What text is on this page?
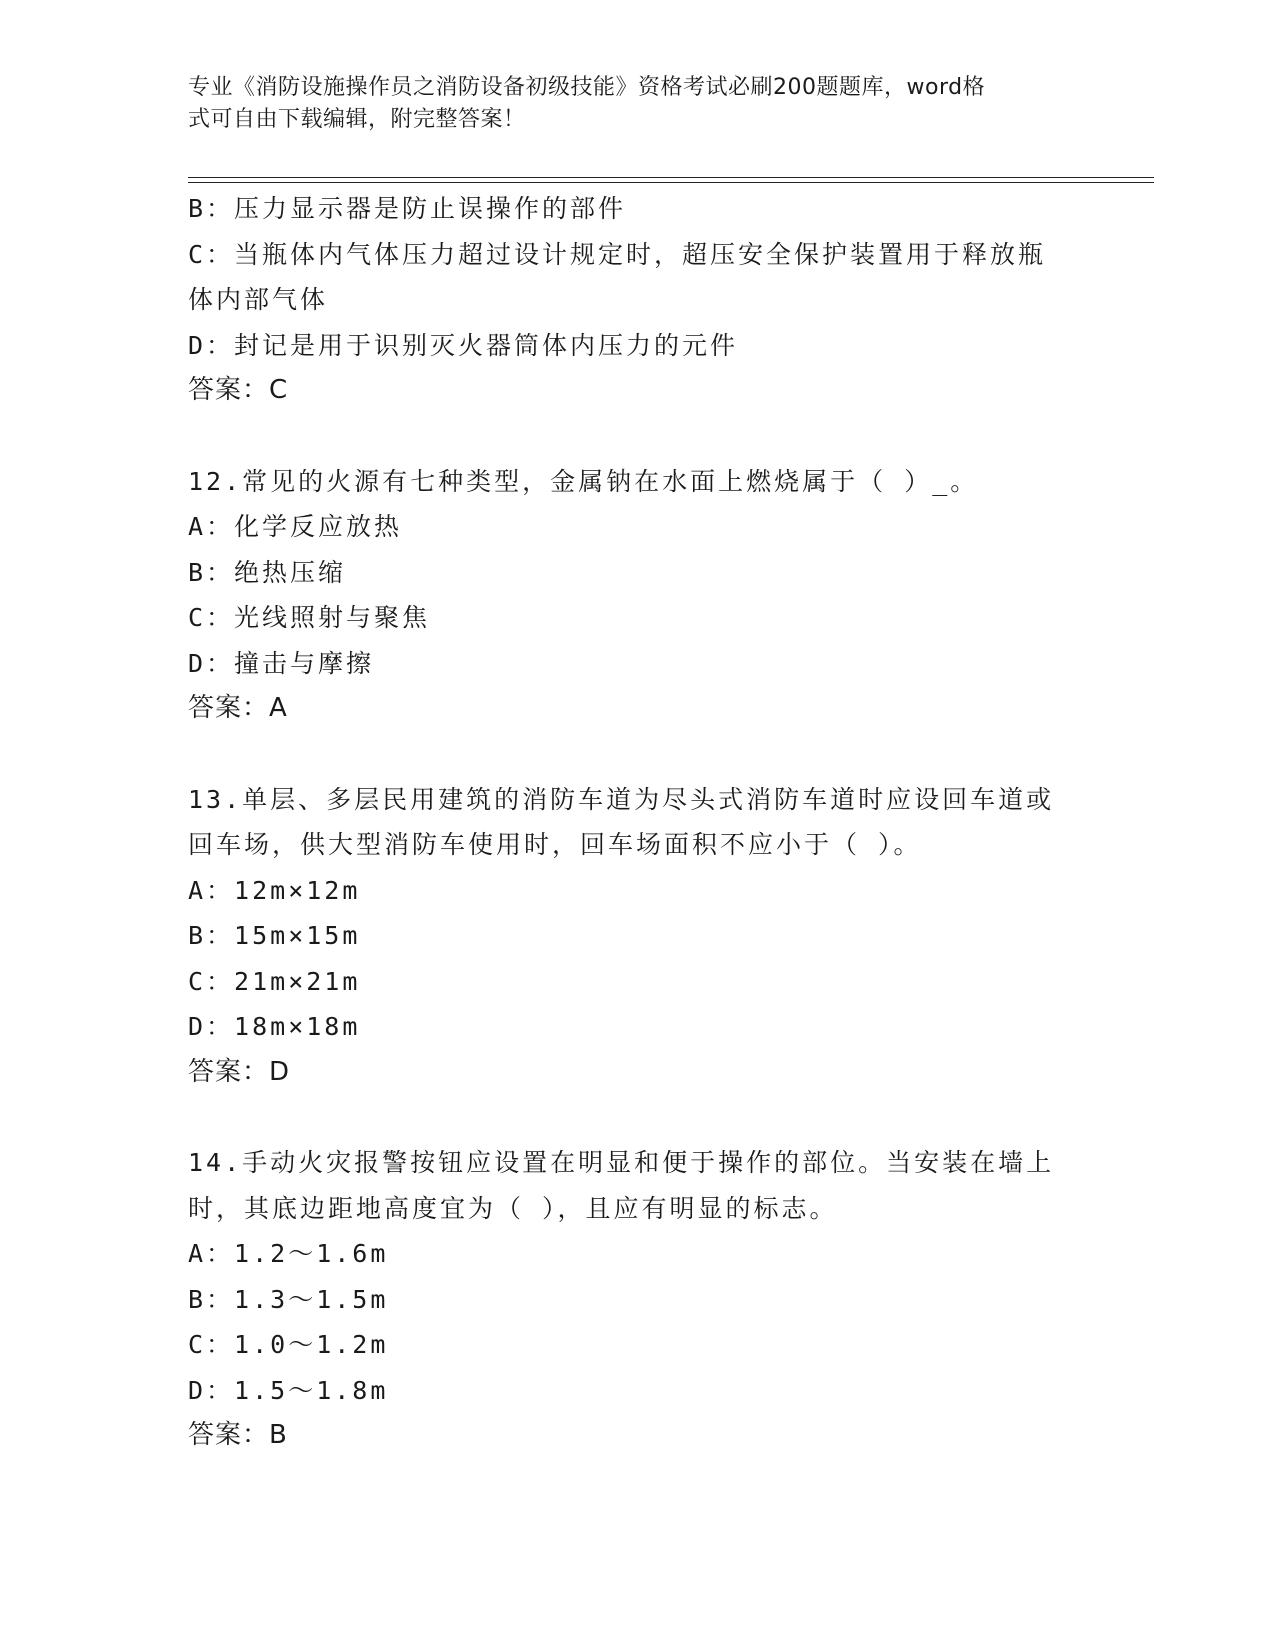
专业《消防设施操作员之消防设备初级技能》资格考试必刷200题题库，word格
式可自由下载编辑，附完整答案！
B：压力显示器是防止误操作的部件
C：当瓶体内气体压力超过设计规定时，超压安全保护装置用于释放瓶
体内部气体
D：封记是用于识别灭火器筒体内压力的元件
答案：C
12.常见的火源有七种类型，金属钠在水面上燃烧属于（ ）_。
A：化学反应放热
B：绝热压缩
C：光线照射与聚焦
D：撞击与摩擦
答案：A
13.单层、多层民用建筑的消防车道为尽头式消防车道时应设回车道或
回车场，供大型消防车使用时，回车场面积不应小于（ ）。
A：12m×12m
B：15m×15m
C：21m×21m
D：18m×18m
答案：D
14.手动火灾报警按钮应设置在明显和便于操作的部位。当安装在墙上
时，其底边距地高度宜为（ ），且应有明显的标志。
A：1.2～1.6m
B：1.3～1.5m
C：1.0～1.2m
D：1.5～1.8m
答案：B
